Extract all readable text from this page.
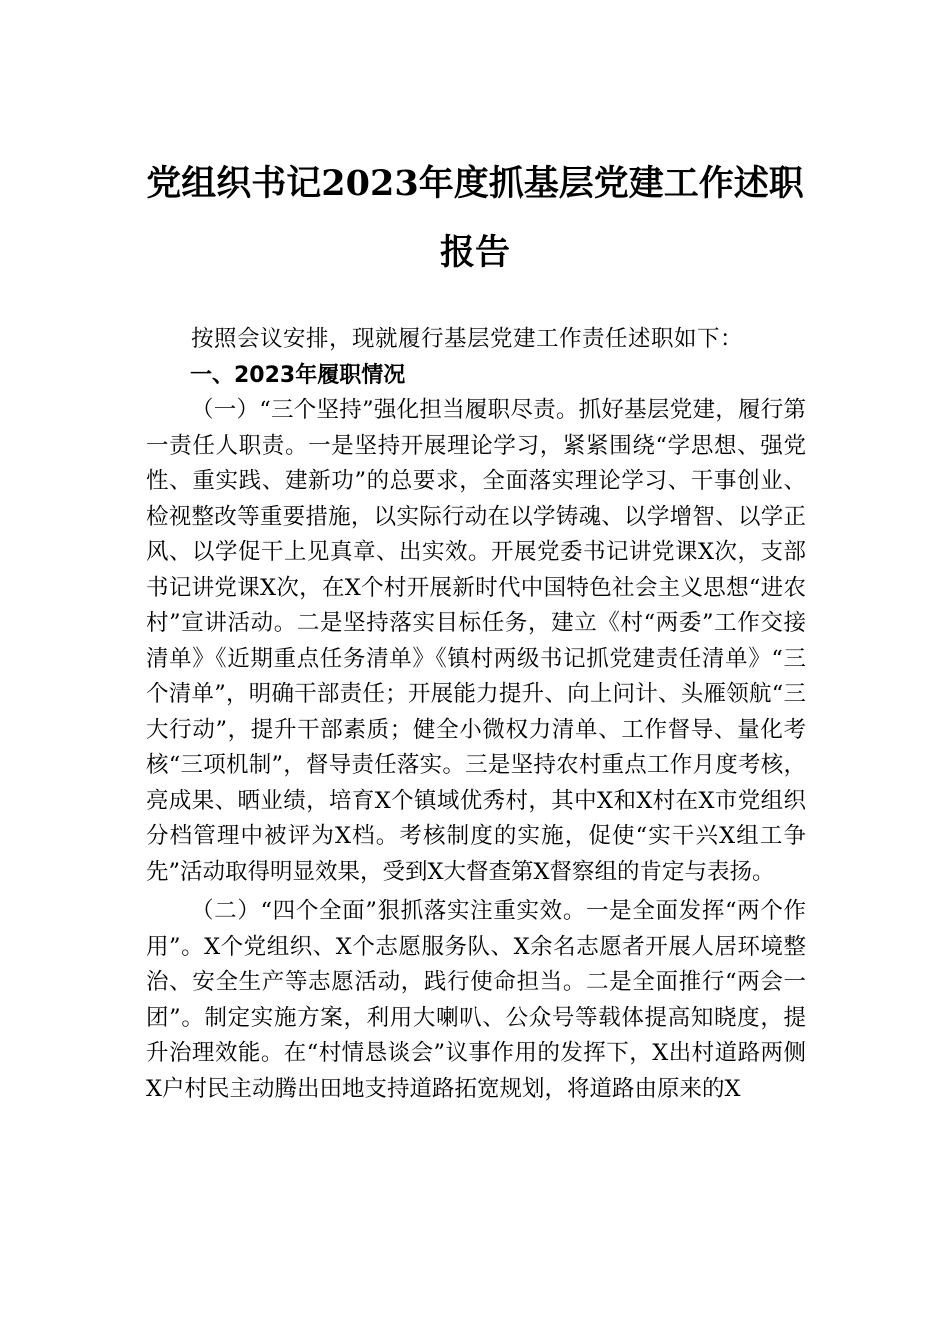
党组织书记2023年度抓基层党建工作述职
报告

按照会议安排，现就履行基层党建工作责任述职如下：

一、2023年履职情况

（一）“三个坚持”强化担当履职尽责。抓好基层党建，履行第一责任人职责。一是坚持开展理论学习，紧紧围绕“学思想、强党性、重实践、建新功”的总要求，全面落实理论学习、干事创业、检视整改等重要措施，以实际行动在以学铸魂、以学增智、以学正风、以学促干上见真章、出实效。开展党委书记讲党课X次，支部书记讲党课X次，在X个村开展新时代中国特色社会主义思想“进农村”宣讲活动。二是坚持落实目标任务，建立《村“两委”工作交接清单》《近期重点任务清单》《镇村两级书记抓党建责任清单》“三个清单”，明确干部责任；开展能力提升、向上问计、头雁领航“三大行动”，提升干部素质；健全小微权力清单、工作督导、量化考核“三项机制”，督导责任落实。三是坚持农村重点工作月度考核，亮成果、晒业绩，培育X个镇域优秀村，其中X和X村在X市党组织分档管理中被评为X档。考核制度的实施，促使“实干兴X组工争先”活动取得明显效果，受到X大督查第X督察组的肯定与表扬。

（二）“四个全面”狠抓落实注重实效。一是全面发挥“两个作用”。X个党组织、X个志愿服务队、X余名志愿者开展人居环境整治、安全生产等志愿活动，践行使命担当。二是全面推行“两会一团”。制定实施方案，利用大喇叭、公众号等载体提高知晓度，提升治理效能。在“村情恳谈会”议事作用的发挥下，X出村道路两侧X户村民主动腾出田地支持道路拓宽规划，将道路由原来的X
